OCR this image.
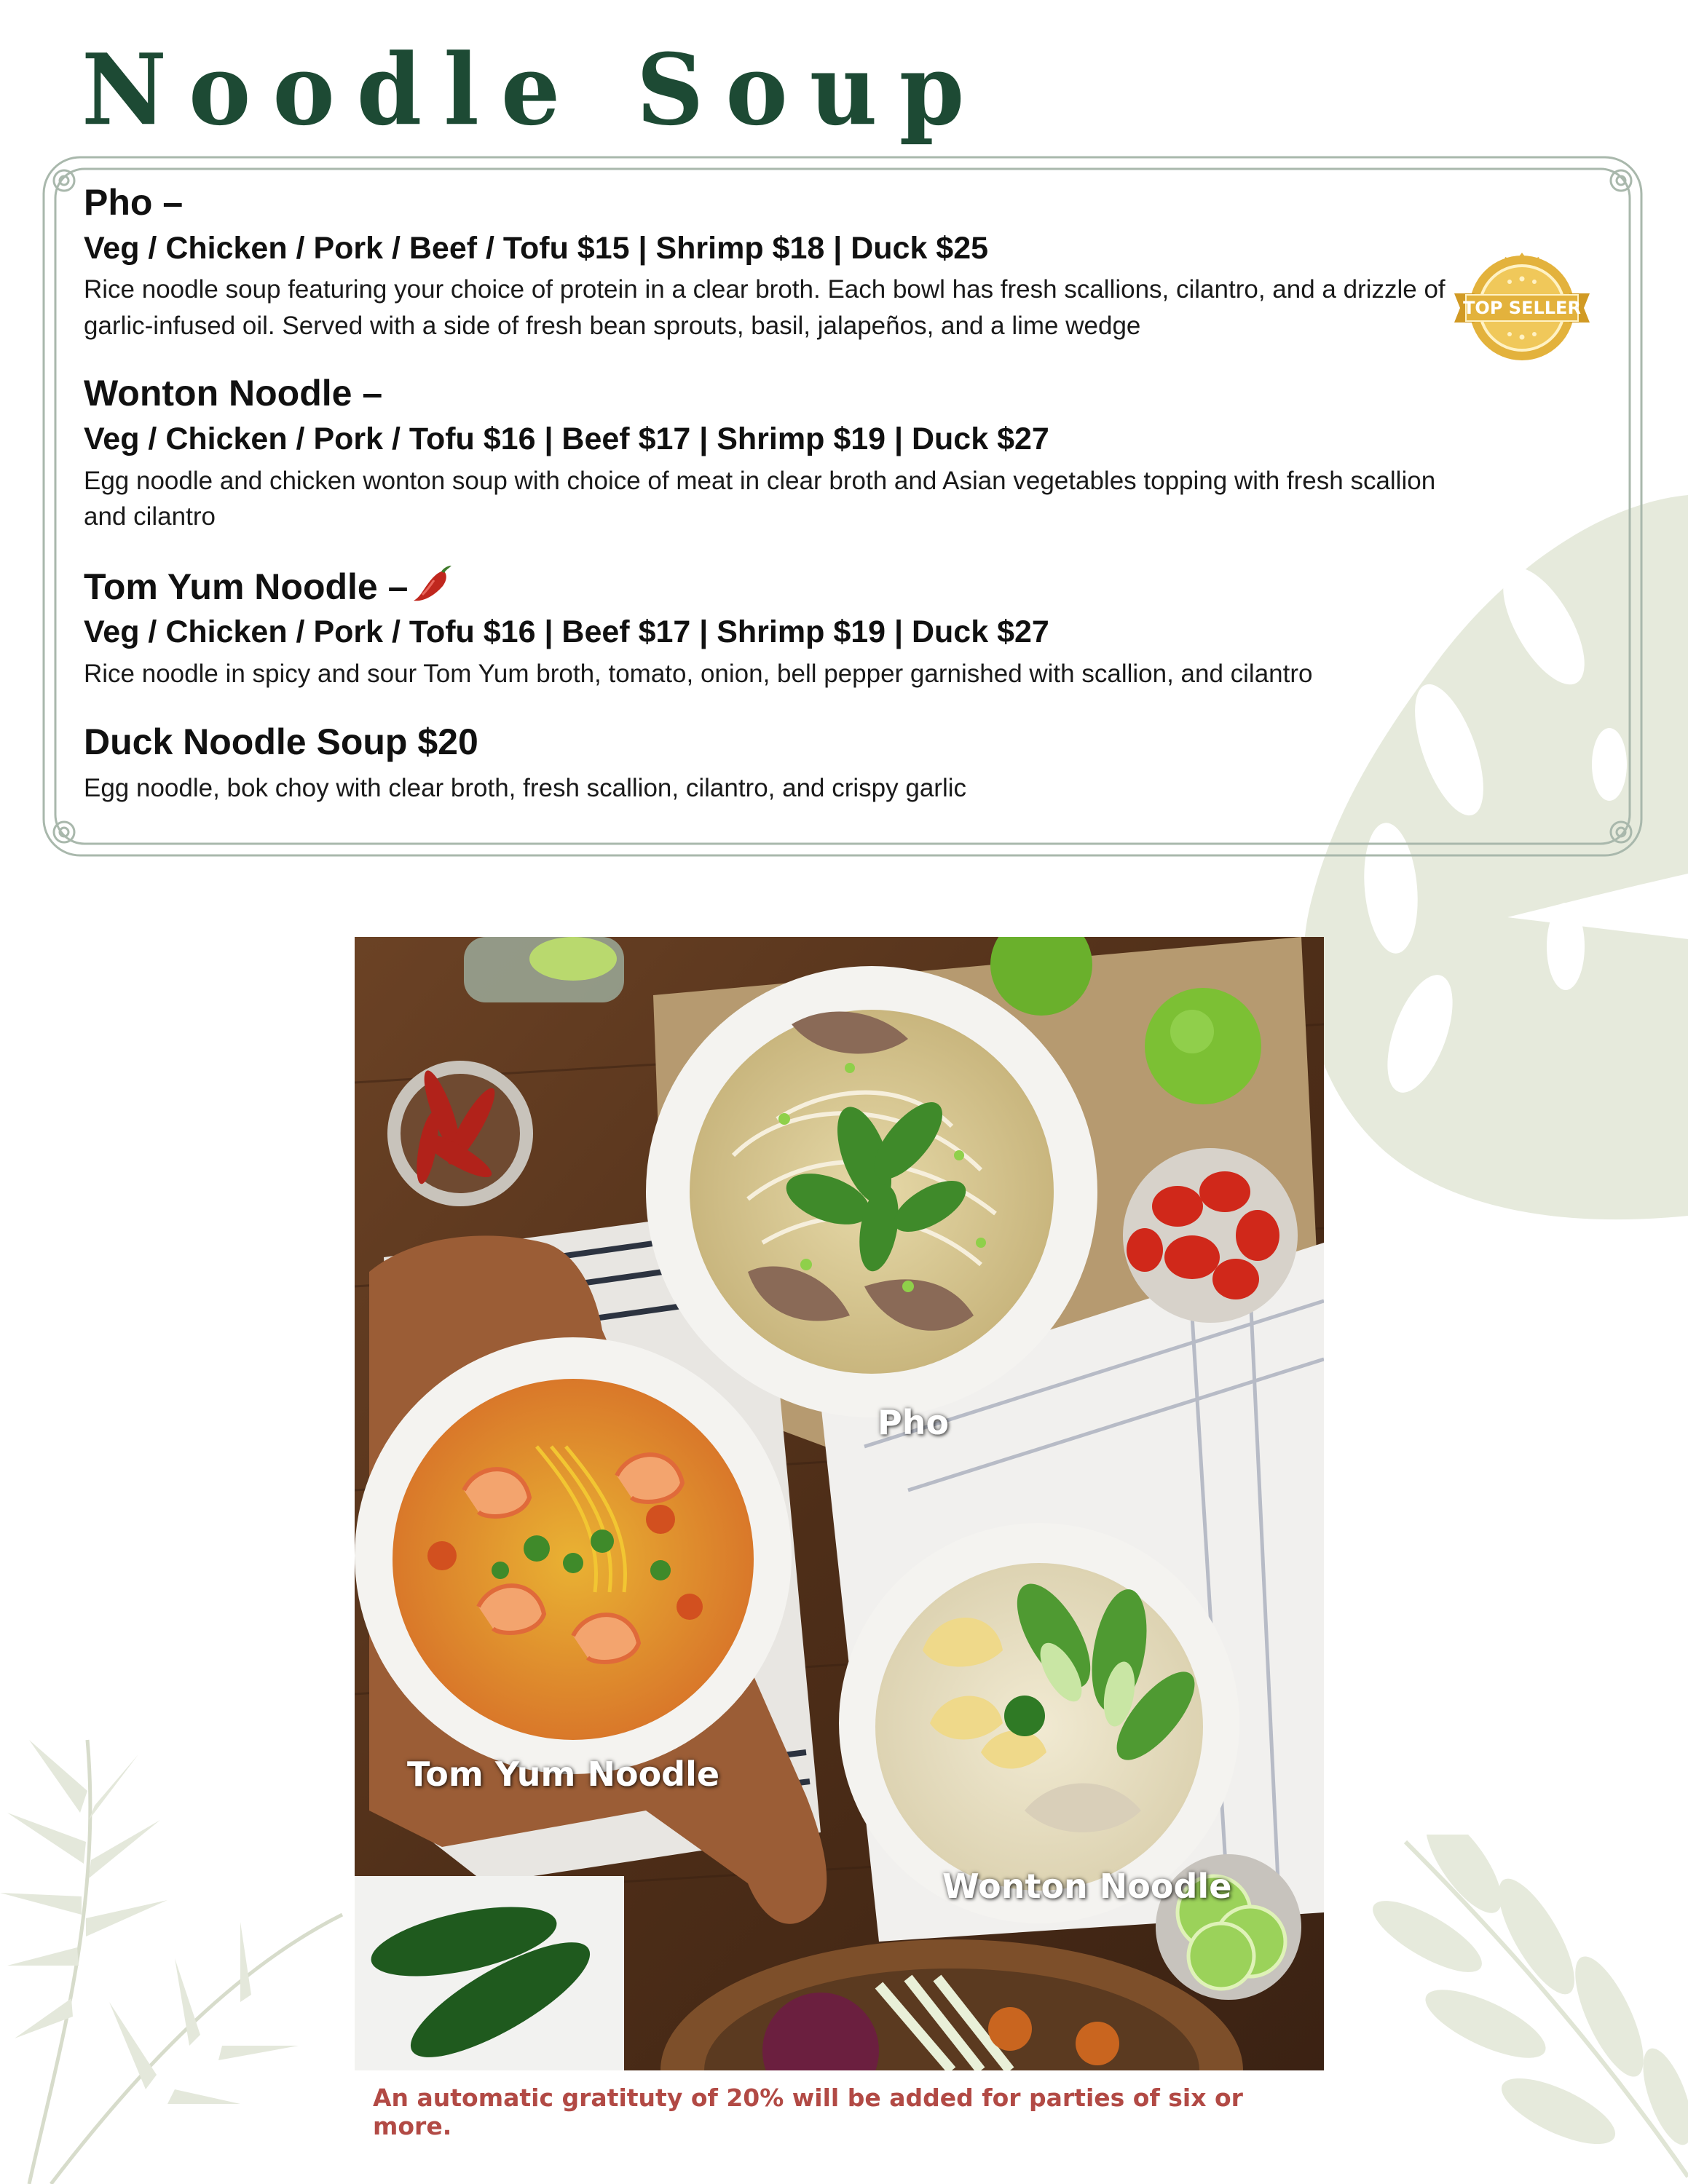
Noodle Soup

Pho –

Veg / Chicken / Pork / Beef / Tofu $15 | Shrimp $18 | Duck $25

Rice noodle soup featuring your choice of protein in a clear broth. Each bowl has fresh scallions, cilantro, and a drizzle of garlic-infused oil. Served with a side of fresh bean sprouts, basil, jalapeños, and a lime wedge

Wonton Noodle –

Veg / Chicken / Pork / Tofu $16 | Beef $17 | Shrimp $19 | Duck $27

Egg noodle and chicken wonton soup with choice of meat in clear broth and Asian vegetables topping with fresh scallion and cilantro

Tom Yum Noodle –

Veg / Chicken / Pork / Tofu $16 | Beef $17 | Shrimp $19 | Duck $27

Rice noodle in spicy and sour Tom Yum broth, tomato, onion, bell pepper garnished with scallion, and cilantro

Duck Noodle Soup $20

Egg noodle, bok choy with clear broth, fresh scallion, cilantro, and crispy garlic

TOP SELLER
Pho
Tom Yum Noodle
Wonton Noodle
An automatic gratituty of 20% will be added for parties of six or more.
